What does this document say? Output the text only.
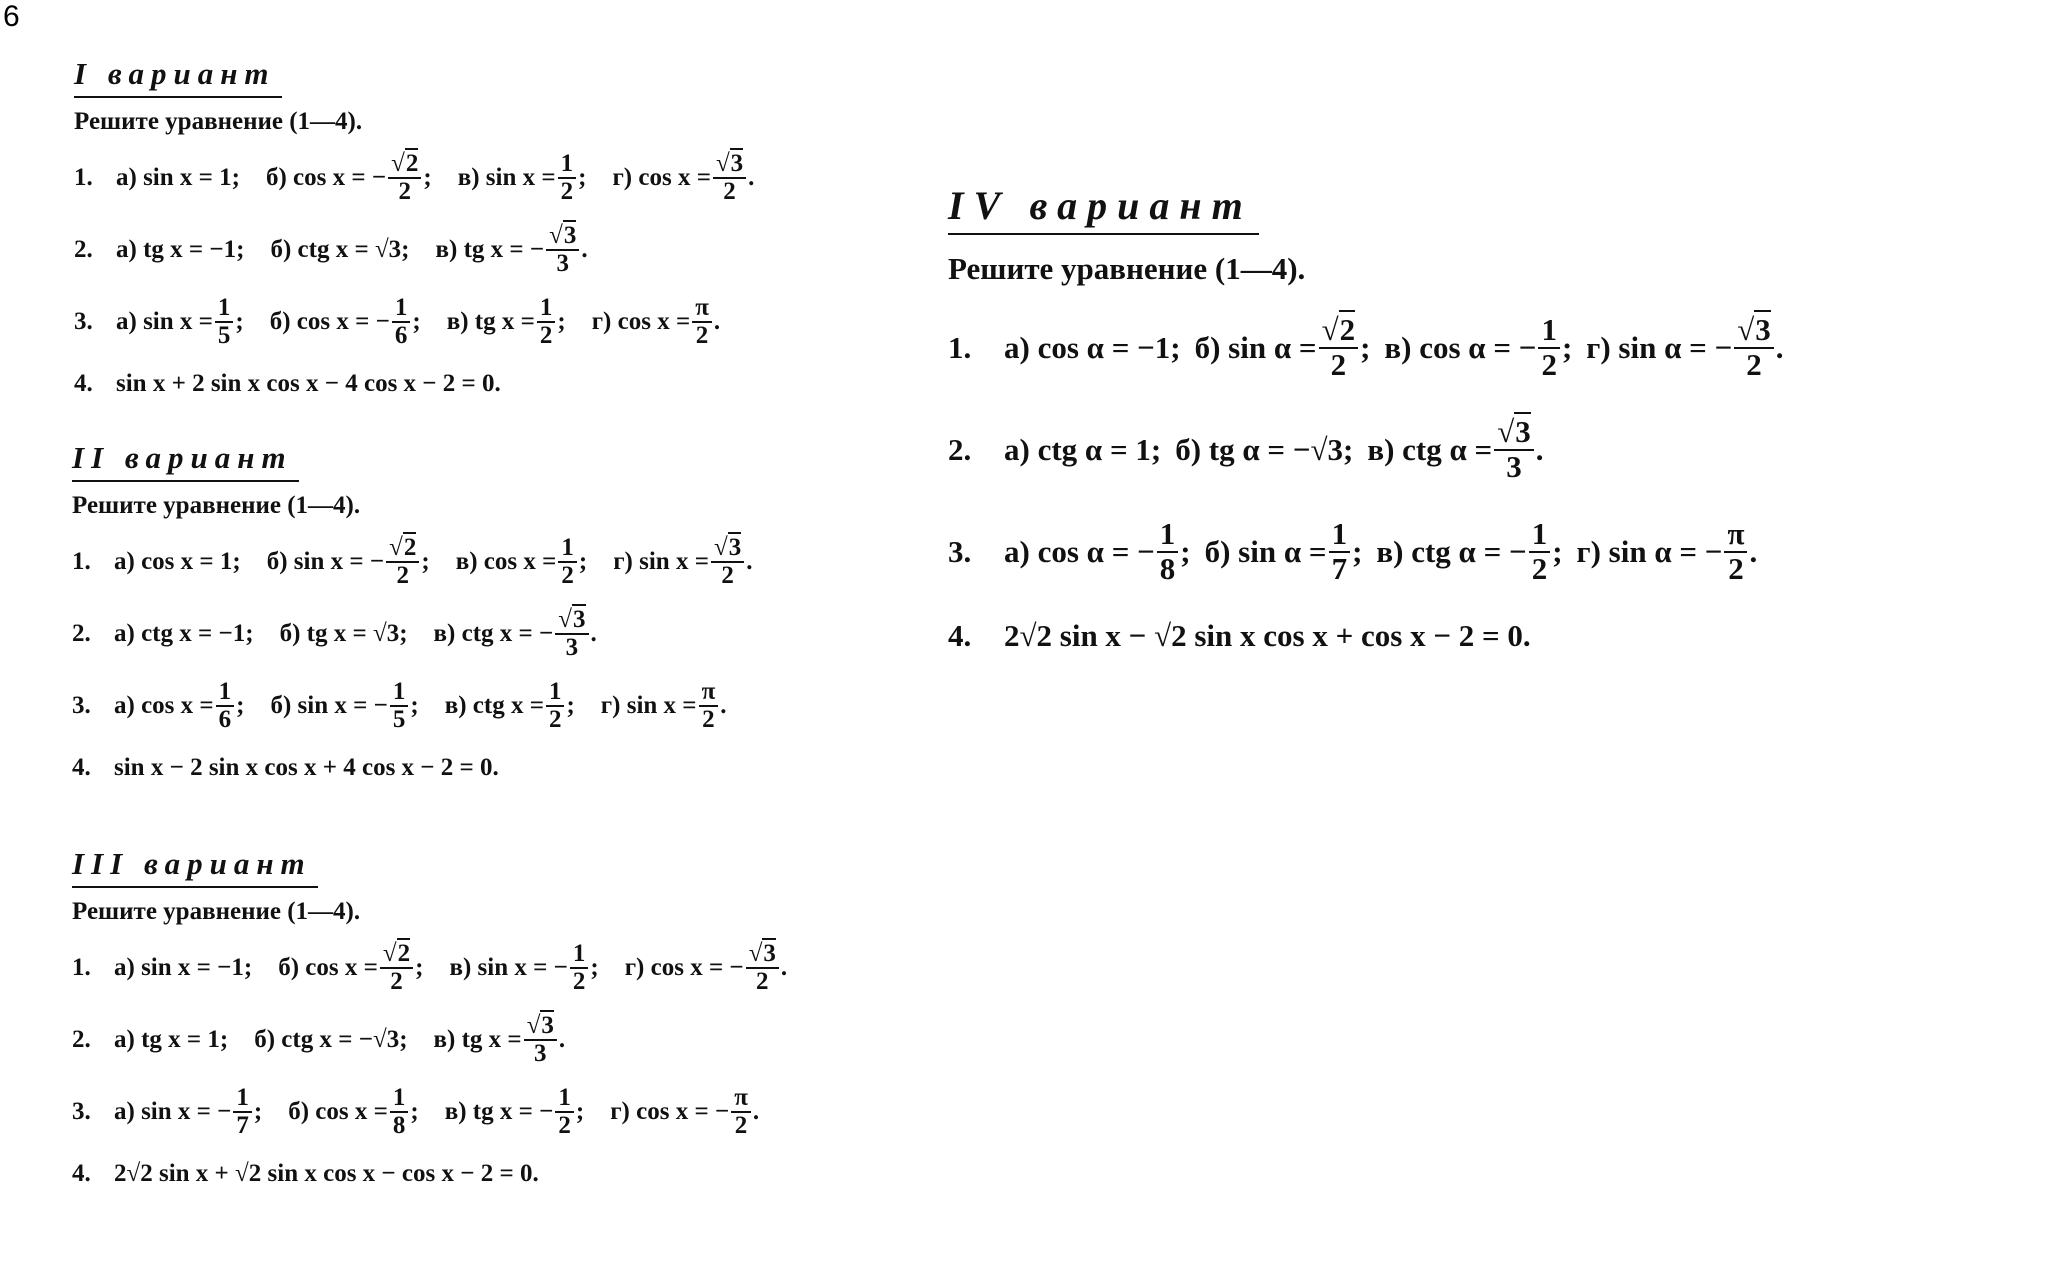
6
I вариант
Решите уравнение (1—4).
1. а) sin x = 1; б) cos x = − $\frac{√2}{2}$ ; в) $\sin x = \frac{1}{2}$ ; г) $\cos x = \frac{√3}{2}$ .
2. а) tg x = −1; б) ctg x = √3; в) tg x = − $\frac{√3}{3}$ .
3. а) $\sin x = \frac{1}{5}$ ; б) cos x = − $\frac{1}{6}$ ; в) tg $x = \frac{1}{2}$ ; г) $\cos x = \frac{\pi}{2}$ .
4. sin x + 2 sin x cos x − 4 cos x − 2 = 0.
II вариант
Решите уравнение (1—4).
1. а) cos x = 1; б) sin x = − $\frac{√2}{2}$ ; в) $\cos x = \frac{1}{2}$ ; г) $\sin x = \frac{√3}{2}$ .
2. а) ctg x = −1; б) tg x = √3; в) ctg x = − $\frac{√3}{3}$ .
3. а) $\cos x = \frac{1}{6}$ ; б) sin x = − $\frac{1}{5}$ ; в) ctg $x = \frac{1}{2}$ ; г) $\sin x = \frac{\pi}{2}$ .
4. sin x − 2 sin x cos x + 4 cos x − 2 = 0.
III вариант
Решите уравнение (1—4).
1. а) sin x = −1; б) $\cos x = \frac{√2}{2}$ ; в) sin x = − $\frac{1}{2}$ ; г) cos x = − $\frac{√3}{2}$ .
2. а) tg x = 1; б) ctg x = −√3; в) tg $x = \frac{√3}{3}$ .
3. а) sin x = − $\frac{1}{7}$ ; б) $\cos x = \frac{1}{8}$ ; в) tg x = − $\frac{1}{2}$ ; г) cos x = − $\frac{\pi}{2}$ .
4. 2√2 sin x + √2 sin x cos x − cos x − 2 = 0.
IV вариант
Решите уравнение (1—4).
1.	а) cos α = −1; б) $\sin \alpha = \frac{√2}{2}$ ; в) cos α = − $\frac{1}{2}$ ; г) sin α = − $\frac{√3}{2}$ .
2.	а) ctg α = 1; б) tg α = −√3; в) ctg $\alpha = \frac{√3}{3}$ .
3.	а) cos α = − $\frac{1}{8}$ ; б) $\sin \alpha = \frac{1}{7}$ ; в) ctg α = − $\frac{1}{2}$ ; г) sin α = − $\frac{\pi}{2}$ .
4.	2√2 sin x − √2 sin x cos x + cos x − 2 = 0.
